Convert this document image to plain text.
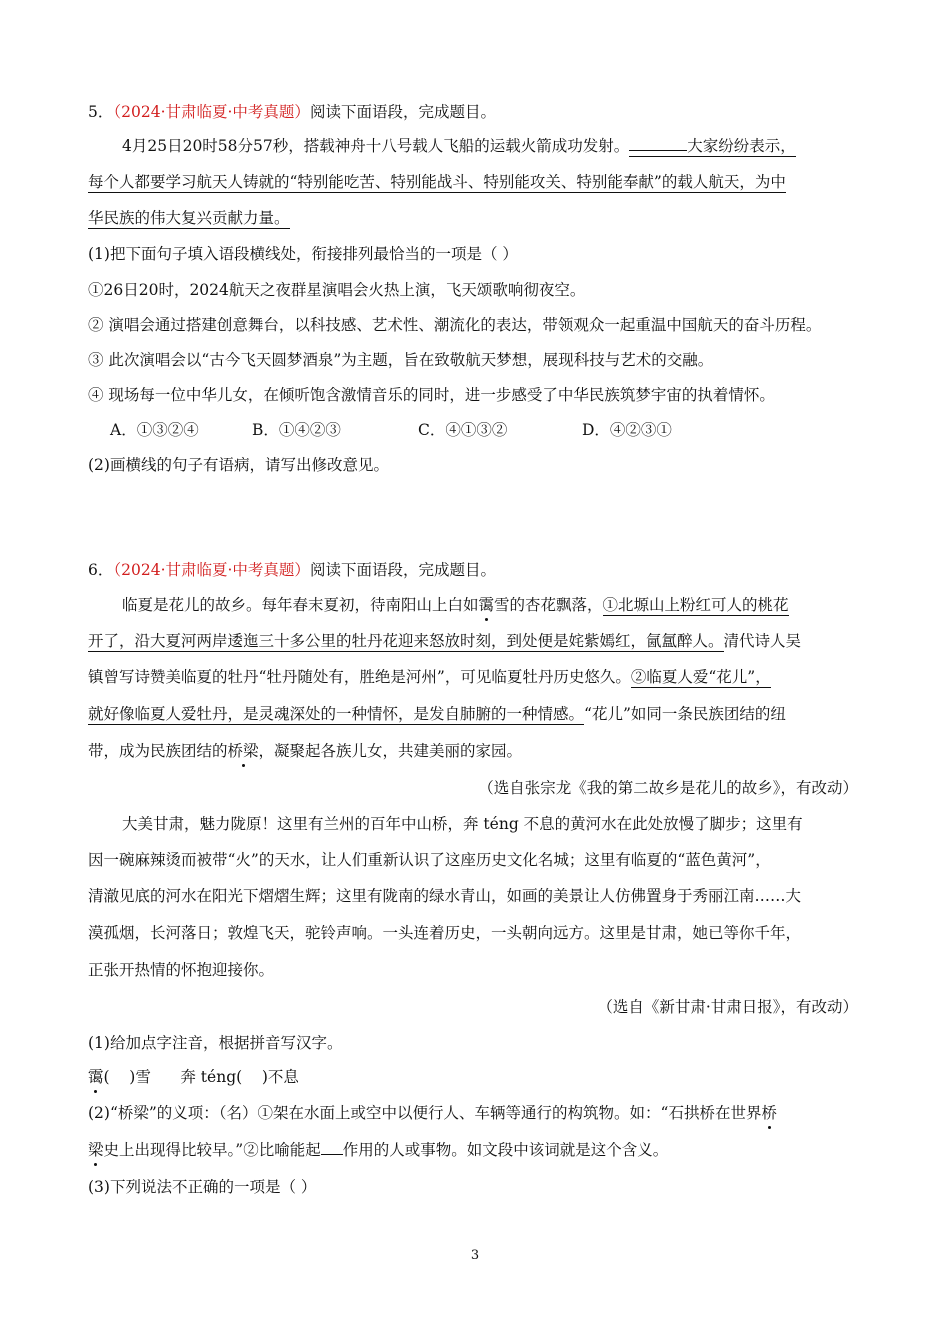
5．（2024·甘肃临夏·中考真题）阅读下面语段，完成题目。
4月25日20时58分57秒，搭载神舟十八号载人飞船的运载火箭成功发射。	大家纷纷表示，
每个人都要学习航天人铸就的“特别能吃苦、特别能战斗、特别能攻关、特别能奉献”的载人航天，为中
华民族的伟大复兴贡献力量。
(1)把下面句子填入语段横线处，衔接排列最恰当的一项是（ ）
①26日20时，2024航天之夜群星演唱会火热上演，飞天颂歌响彻夜空。
② 演唱会通过搭建创意舞台，以科技感、艺术性、潮流化的表达，带领观众一起重温中国航天的奋斗历程。
③ 此次演唱会以“古今飞天圆梦酒泉”为主题，旨在致敬航天梦想，展现科技与艺术的交融。
④ 现场每一位中华儿女，在倾听饱含激情音乐的同时，进一步感受了中华民族筑梦宇宙的执着情怀。
A．①③②④	B．①④②③	C．④①③②	D．④②③①
(2)画横线的句子有语病，请写出修改意见。
6．（2024·甘肃临夏·中考真题）阅读下面语段，完成题目。
临夏是花儿的故乡。每年春末夏初，待南阳山上白如霭雪的杏花飘落，①北塬山上粉红可人的桃花
开了，沿大夏河两岸逶迤三十多公里的牡丹花迎来怒放时刻，到处便是姹紫嫣红，氤氲醉人。清代诗人吴
镇曾写诗赞美临夏的牡丹“牡丹随处有，胜绝是河州”，可见临夏牡丹历史悠久。②临夏人爱“花儿”，
就好像临夏人爱牡丹，是灵魂深处的一种情怀，是发自肺腑的一种情感。“花儿”如同一条民族团结的纽
带，成为民族团结的桥梁，凝聚起各族儿女，共建美丽的家园。
（选自张宗龙《我的第二故乡是花儿的故乡》，有改动）
大美甘肃，魅力陇原！这里有兰州的百年中山桥，奔 téng 不息的黄河水在此处放慢了脚步；这里有
因一碗麻辣烫而被带“火”的天水，让人们重新认识了这座历史文化名城；这里有临夏的“蓝色黄河”，
清澈见底的河水在阳光下熠熠生辉；这里有陇南的绿水青山，如画的美景让人仿佛置身于秀丽江南……大
漠孤烟，长河落日；敦煌飞天，驼铃声响。一头连着历史，一头朝向远方。这里是甘肃，她已等你千年，
正张开热情的怀抱迎接你。
（选自《新甘肃·甘肃日报》，有改动）
(1)给加点字注音，根据拼音写汉字。
霭(    )雪      奔 téng(    )不息
(2)“桥梁”的义项：（名）①架在水面上或空中以便行人、车辆等通行的构筑物。如：“石拱桥在世界桥
梁史上出现得比较早。”②比喻能起 作用的人或事物。如文段中该词就是这个含义。
(3)下列说法不正确的一项是（ ）
3
